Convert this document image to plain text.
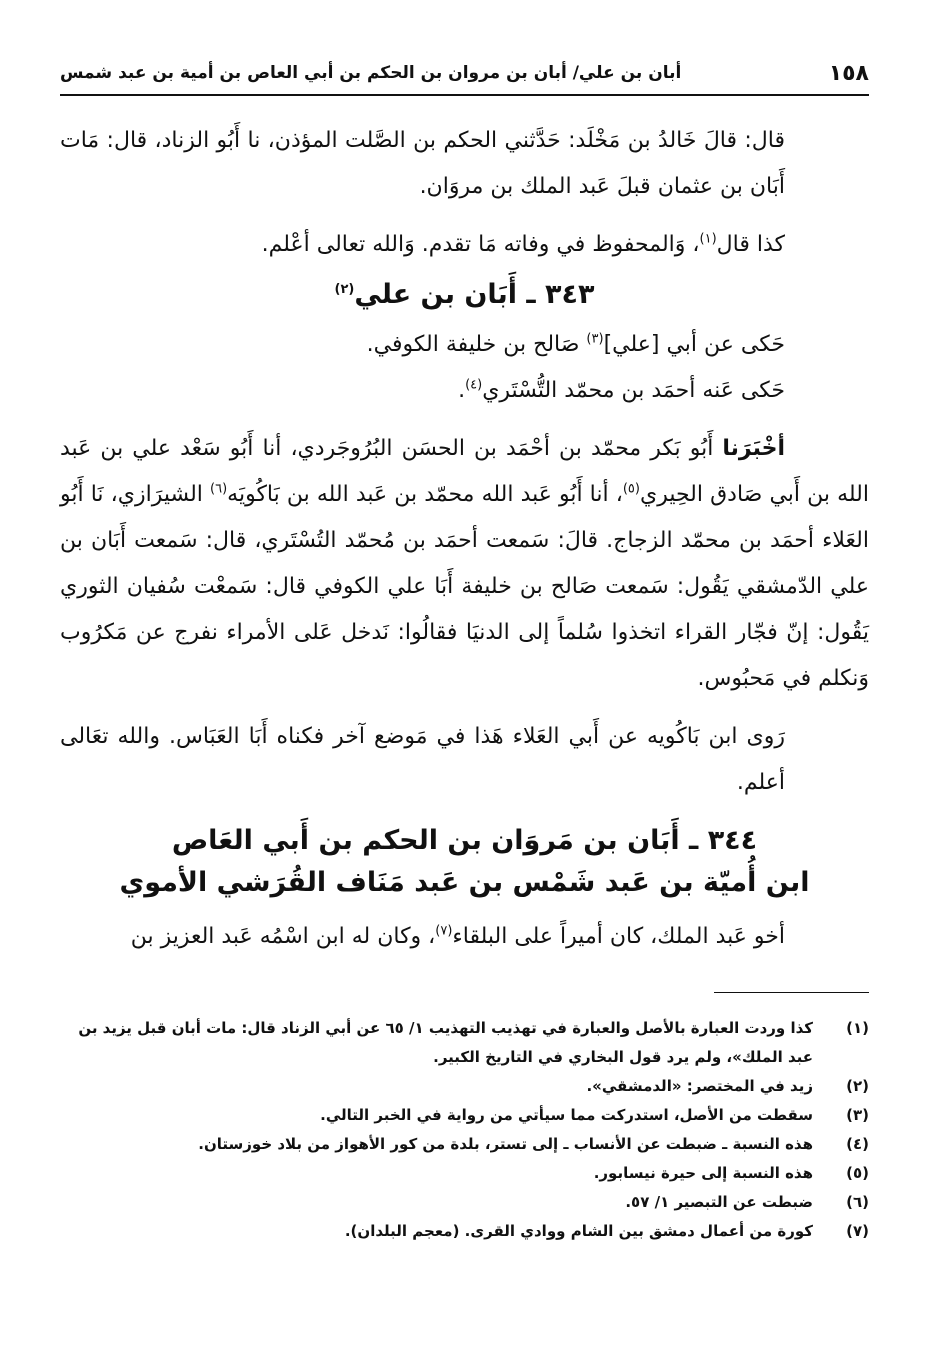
١٥٨
أبان بن علي/ أبان بن مروان بن الحكم بن أبي العاص بن أمية بن عبد شمس

قال: قالَ خَالدُ بن مَخْلَد: حَدَّثني الحكم بن الصَّلت المؤذن، نا أَبُو الزناد، قال: مَات أَبَان بن عثمان قبلَ عَبد الملك بن مروَان.

كذا قال$^{(١)}$، وَالمحفوظ في وفاته مَا تقدم. وَالله تعالى أعْلم.

٣٤٣ ـ أَبَان بن علي$^{(٢)}$

حَكى عن أبي [علي]$^{(٣)}$ صَالح بن خليفة الكوفي.

حَكى عَنه أحمَد بن محمّد التُّسْتَري$^{(٤)}$.

أخْبَرَنا أَبُو بَكر محمّد بن أحْمَد بن الحسَن البُرُوجَردي، أنا أَبُو سَعْد علي بن عَبد الله بن أَبي صَادق الحِيري$^{(٥)}$، أنا أَبُو عَبد الله محمّد بن عَبد الله بن بَاكُويَه$^{(٦)}$ الشيرَازي، نَا أَبُو العَلاء أحمَد بن محمّد الزجاج. قالَ: سَمعت أحمَد بن مُحمّد التُسْتَري، قال: سَمعت أَبَان بن علي الدّمشقي يَقُول: سَمعت صَالح بن خليفة أَبَا علي الكوفي قال: سَمعْت سُفيان الثوري يَقُول: إنّ فجّار القراء اتخذوا سُلماً إلى الدنيَا فقالُوا: نَدخل عَلى الأمراء نفرج عن مَكرُوب وَنكلم في مَحبُوس.

رَوى ابن بَاكُويه عن أَبي العَلاء هَذا في مَوضع آخر فكناه أَبَا العَبَاس. والله تعَالى أعلم.

٣٤٤ ـ أَبَان بن مَروَان بن الحكم بن أَبي العَاص
ابن أُميّة بن عَبد شَمْس بن عَبد مَنَاف القُرَشي الأموي

أخو عَبد الملك، كان أميراً على البلقاء$^{(٧)}$، وكان له ابن اسْمُه عَبد العزيز بن

(١)
كذا وردت العبارة بالأصل والعبارة في تهذيب التهذيب ١/ ٦٥ عن أبي الزناد قال: مات أبان قبل يزيد بن عبد الملك»، ولم يرد قول البخاري في التاريخ الكبير.
(٢)
زيد في المختصر: «الدمشقي».
(٣)
سقطت من الأصل، استدركت مما سيأتي من رواية في الخبر التالي.
(٤)
هذه النسبة ـ ضبطت عن الأنساب ـ إلى تستر، بلدة من كور الأهواز من بلاد خوزستان.
(٥)
هذه النسبة إلى حيرة نيسابور.
(٦)
ضبطت عن التبصير ١/ ٥٧.
(٧)
كورة من أعمال دمشق بين الشام ووادي القرى. (معجم البلدان).
